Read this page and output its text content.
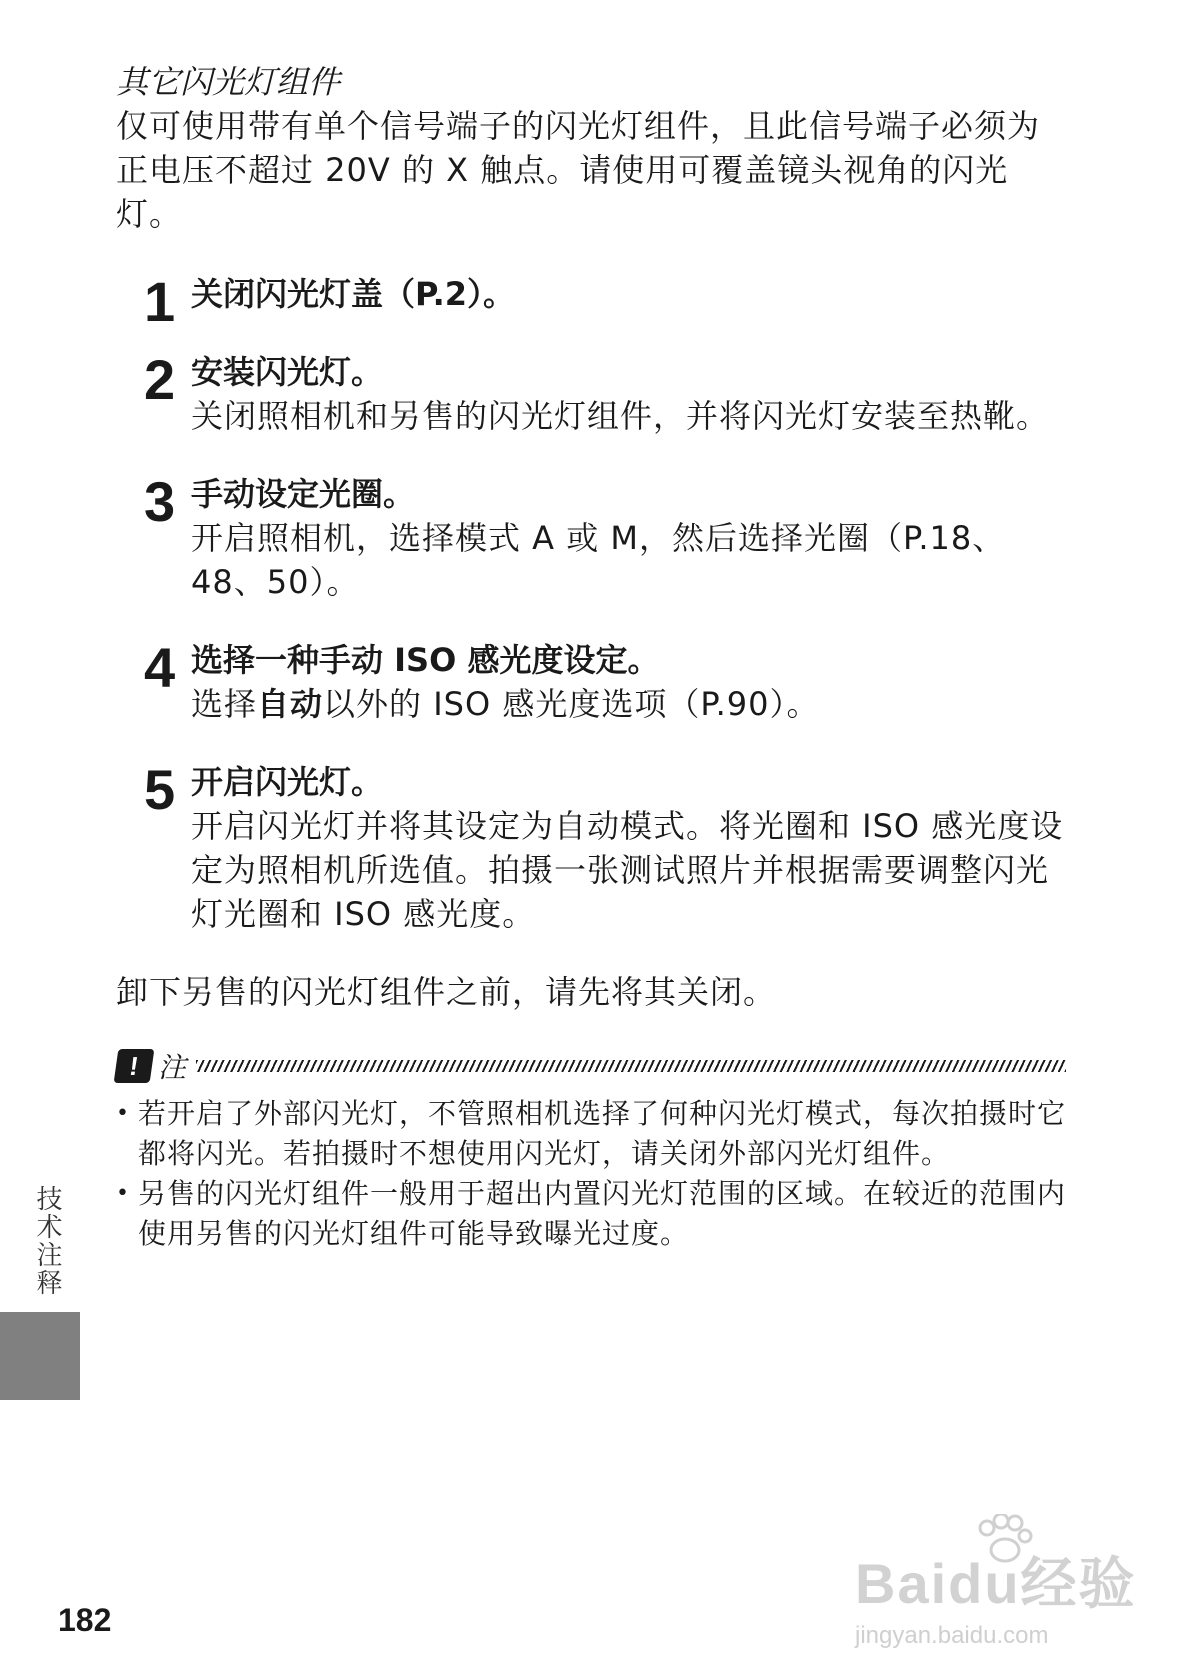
其它闪光灯组件

仅可使用带有单个信号端子的闪光灯组件，且此信号端子必须为正电压不超过 20V 的 X 触点。请使用可覆盖镜头视角的闪光灯。

1 关闭闪光灯盖（P.2）。
2 安装闪光灯。
关闭照相机和另售的闪光灯组件，并将闪光灯安装至热靴。
3 手动设定光圈。
开启照相机，选择模式 A 或 M，然后选择光圈（P.18、48、50）。
4 选择一种手动 ISO 感光度设定。
选择自动以外的 ISO 感光度选项（P.90）。
5 开启闪光灯。
开启闪光灯并将其设定为自动模式。将光圈和 ISO 感光度设定为照相机所选值。拍摄一张测试照片并根据需要调整闪光灯光圈和 ISO 感光度。
卸下另售的闪光灯组件之前，请先将其关闭。
! 注
• 若开启了外部闪光灯，不管照相机选择了何种闪光灯模式，每次拍摄时它都将闪光。若拍摄时不想使用闪光灯，请关闭外部闪光灯组件。
• 另售的闪光灯组件一般用于超出内置闪光灯范围的区域。在较近的范围内使用另售的闪光灯组件可能导致曝光过度。
技术注释
182
Baidu经验
jingyan.baidu.com
